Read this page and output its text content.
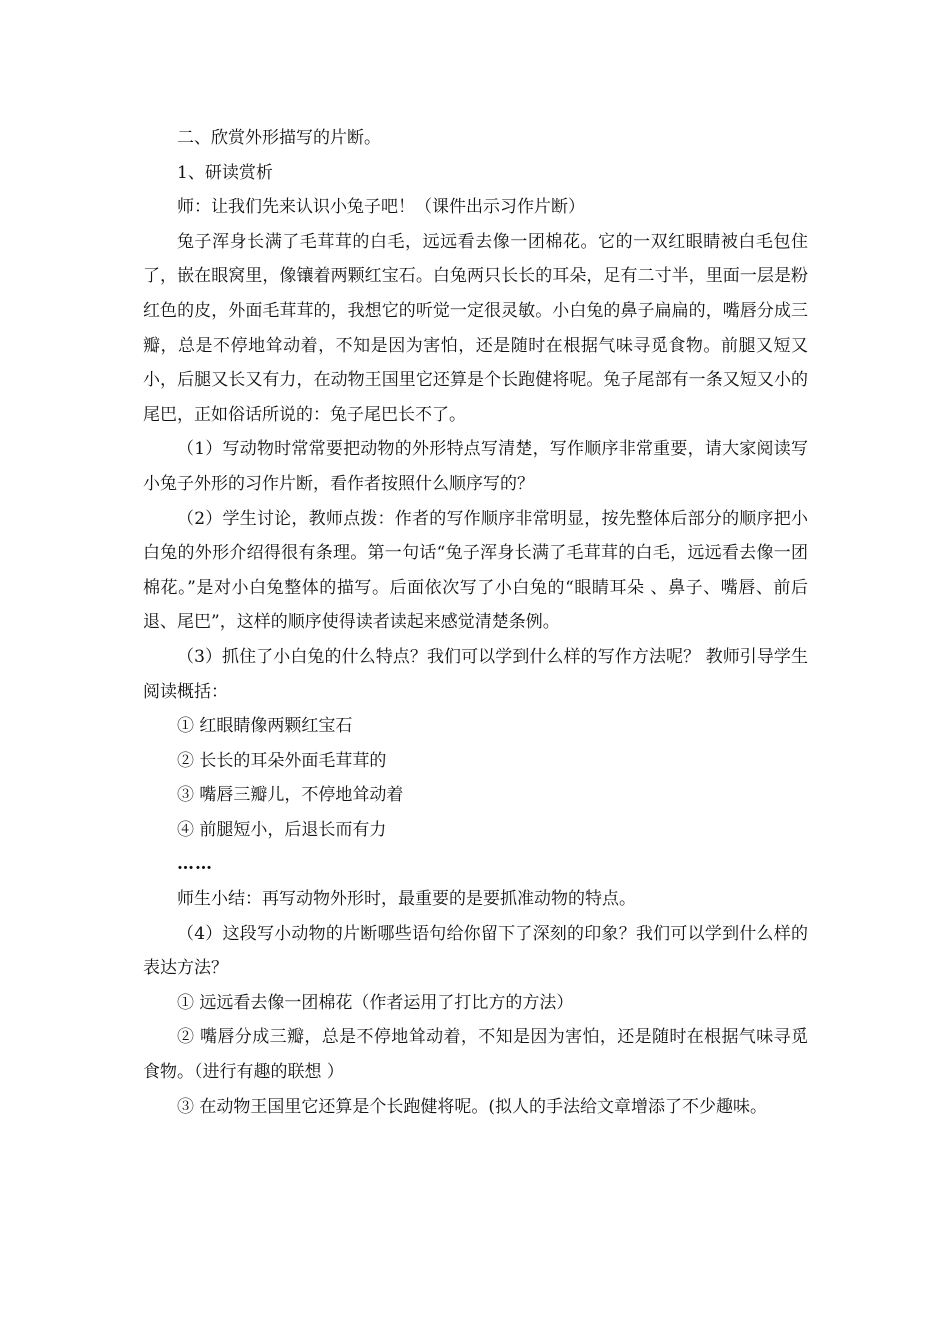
二、欣赏外形描写的片断。

1、研读赏析

师：让我们先来认识小兔子吧！（课件出示习作片断）

兔子浑身长满了毛茸茸的白毛，远远看去像一团棉花。它的一双红眼睛被白毛包住了，嵌在眼窝里，像镶着两颗红宝石。白兔两只长长的耳朵，足有二寸半，里面一层是粉红色的皮，外面毛茸茸的，我想它的听觉一定很灵敏。小白兔的鼻子扁扁的，嘴唇分成三瓣，总是不停地耸动着，不知是因为害怕，还是随时在根据气味寻觅食物。前腿又短又小，后腿又长又有力，在动物王国里它还算是个长跑健将呢。兔子尾部有一条又短又小的尾巴，正如俗话所说的：兔子尾巴长不了。

（1）写动物时常常要把动物的外形特点写清楚，写作顺序非常重要，请大家阅读写小兔子外形的习作片断，看作者按照什么顺序写的？

（2）学生讨论，教师点拨：作者的写作顺序非常明显，按先整体后部分的顺序把小白兔的外形介绍得很有条理。第一句话“兔子浑身长满了毛茸茸的白毛，远远看去像一团棉花。”是对小白兔整体的描写。后面依次写了小白兔的“眼睛耳朵 、鼻子、嘴唇、前后退、尾巴”，这样的顺序使得读者读起来感觉清楚条例。

（3）抓住了小白兔的什么特点？我们可以学到什么样的写作方法呢？ 教师引导学生阅读概括：

① 红眼睛像两颗红宝石

② 长长的耳朵外面毛茸茸的

③ 嘴唇三瓣儿，不停地耸动着

④ 前腿短小，后退长而有力

……

师生小结：再写动物外形时，最重要的是要抓准动物的特点。

（4）这段写小动物的片断哪些语句给你留下了深刻的印象？我们可以学到什么样的表达方法？

① 远远看去像一团棉花（作者运用了打比方的方法）

② 嘴唇分成三瓣，总是不停地耸动着，不知是因为害怕，还是随时在根据气味寻觅食物。（进行有趣的联想 ）

③ 在动物王国里它还算是个长跑健将呢。(拟人的手法给文章增添了不少趣味。
